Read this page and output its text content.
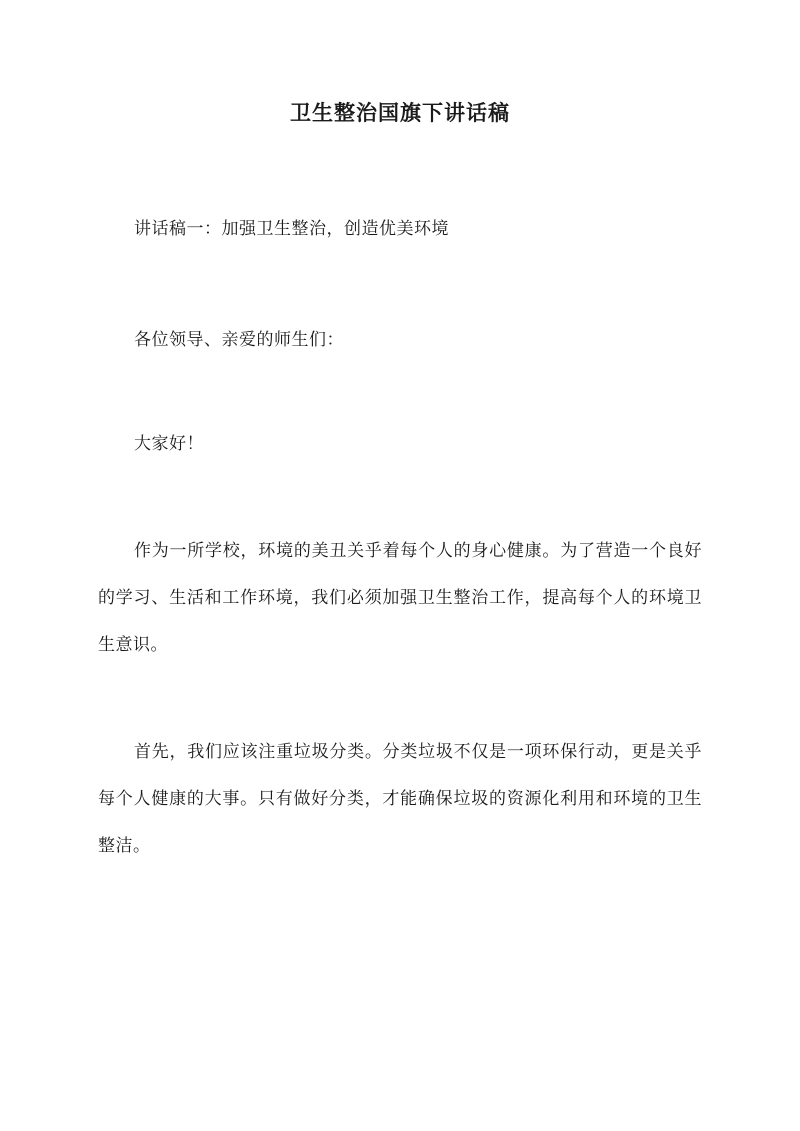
卫生整治国旗下讲话稿

讲话稿一：加强卫生整治，创造优美环境

各位领导、亲爱的师生们：

大家好！

作为一所学校，环境的美丑关乎着每个人的身心健康。为了营造一个良好的学习、生活和工作环境，我们必须加强卫生整治工作，提高每个人的环境卫生意识。

首先，我们应该注重垃圾分类。分类垃圾不仅是一项环保行动，更是关乎每个人健康的大事。只有做好分类，才能确保垃圾的资源化利用和环境的卫生整洁。
